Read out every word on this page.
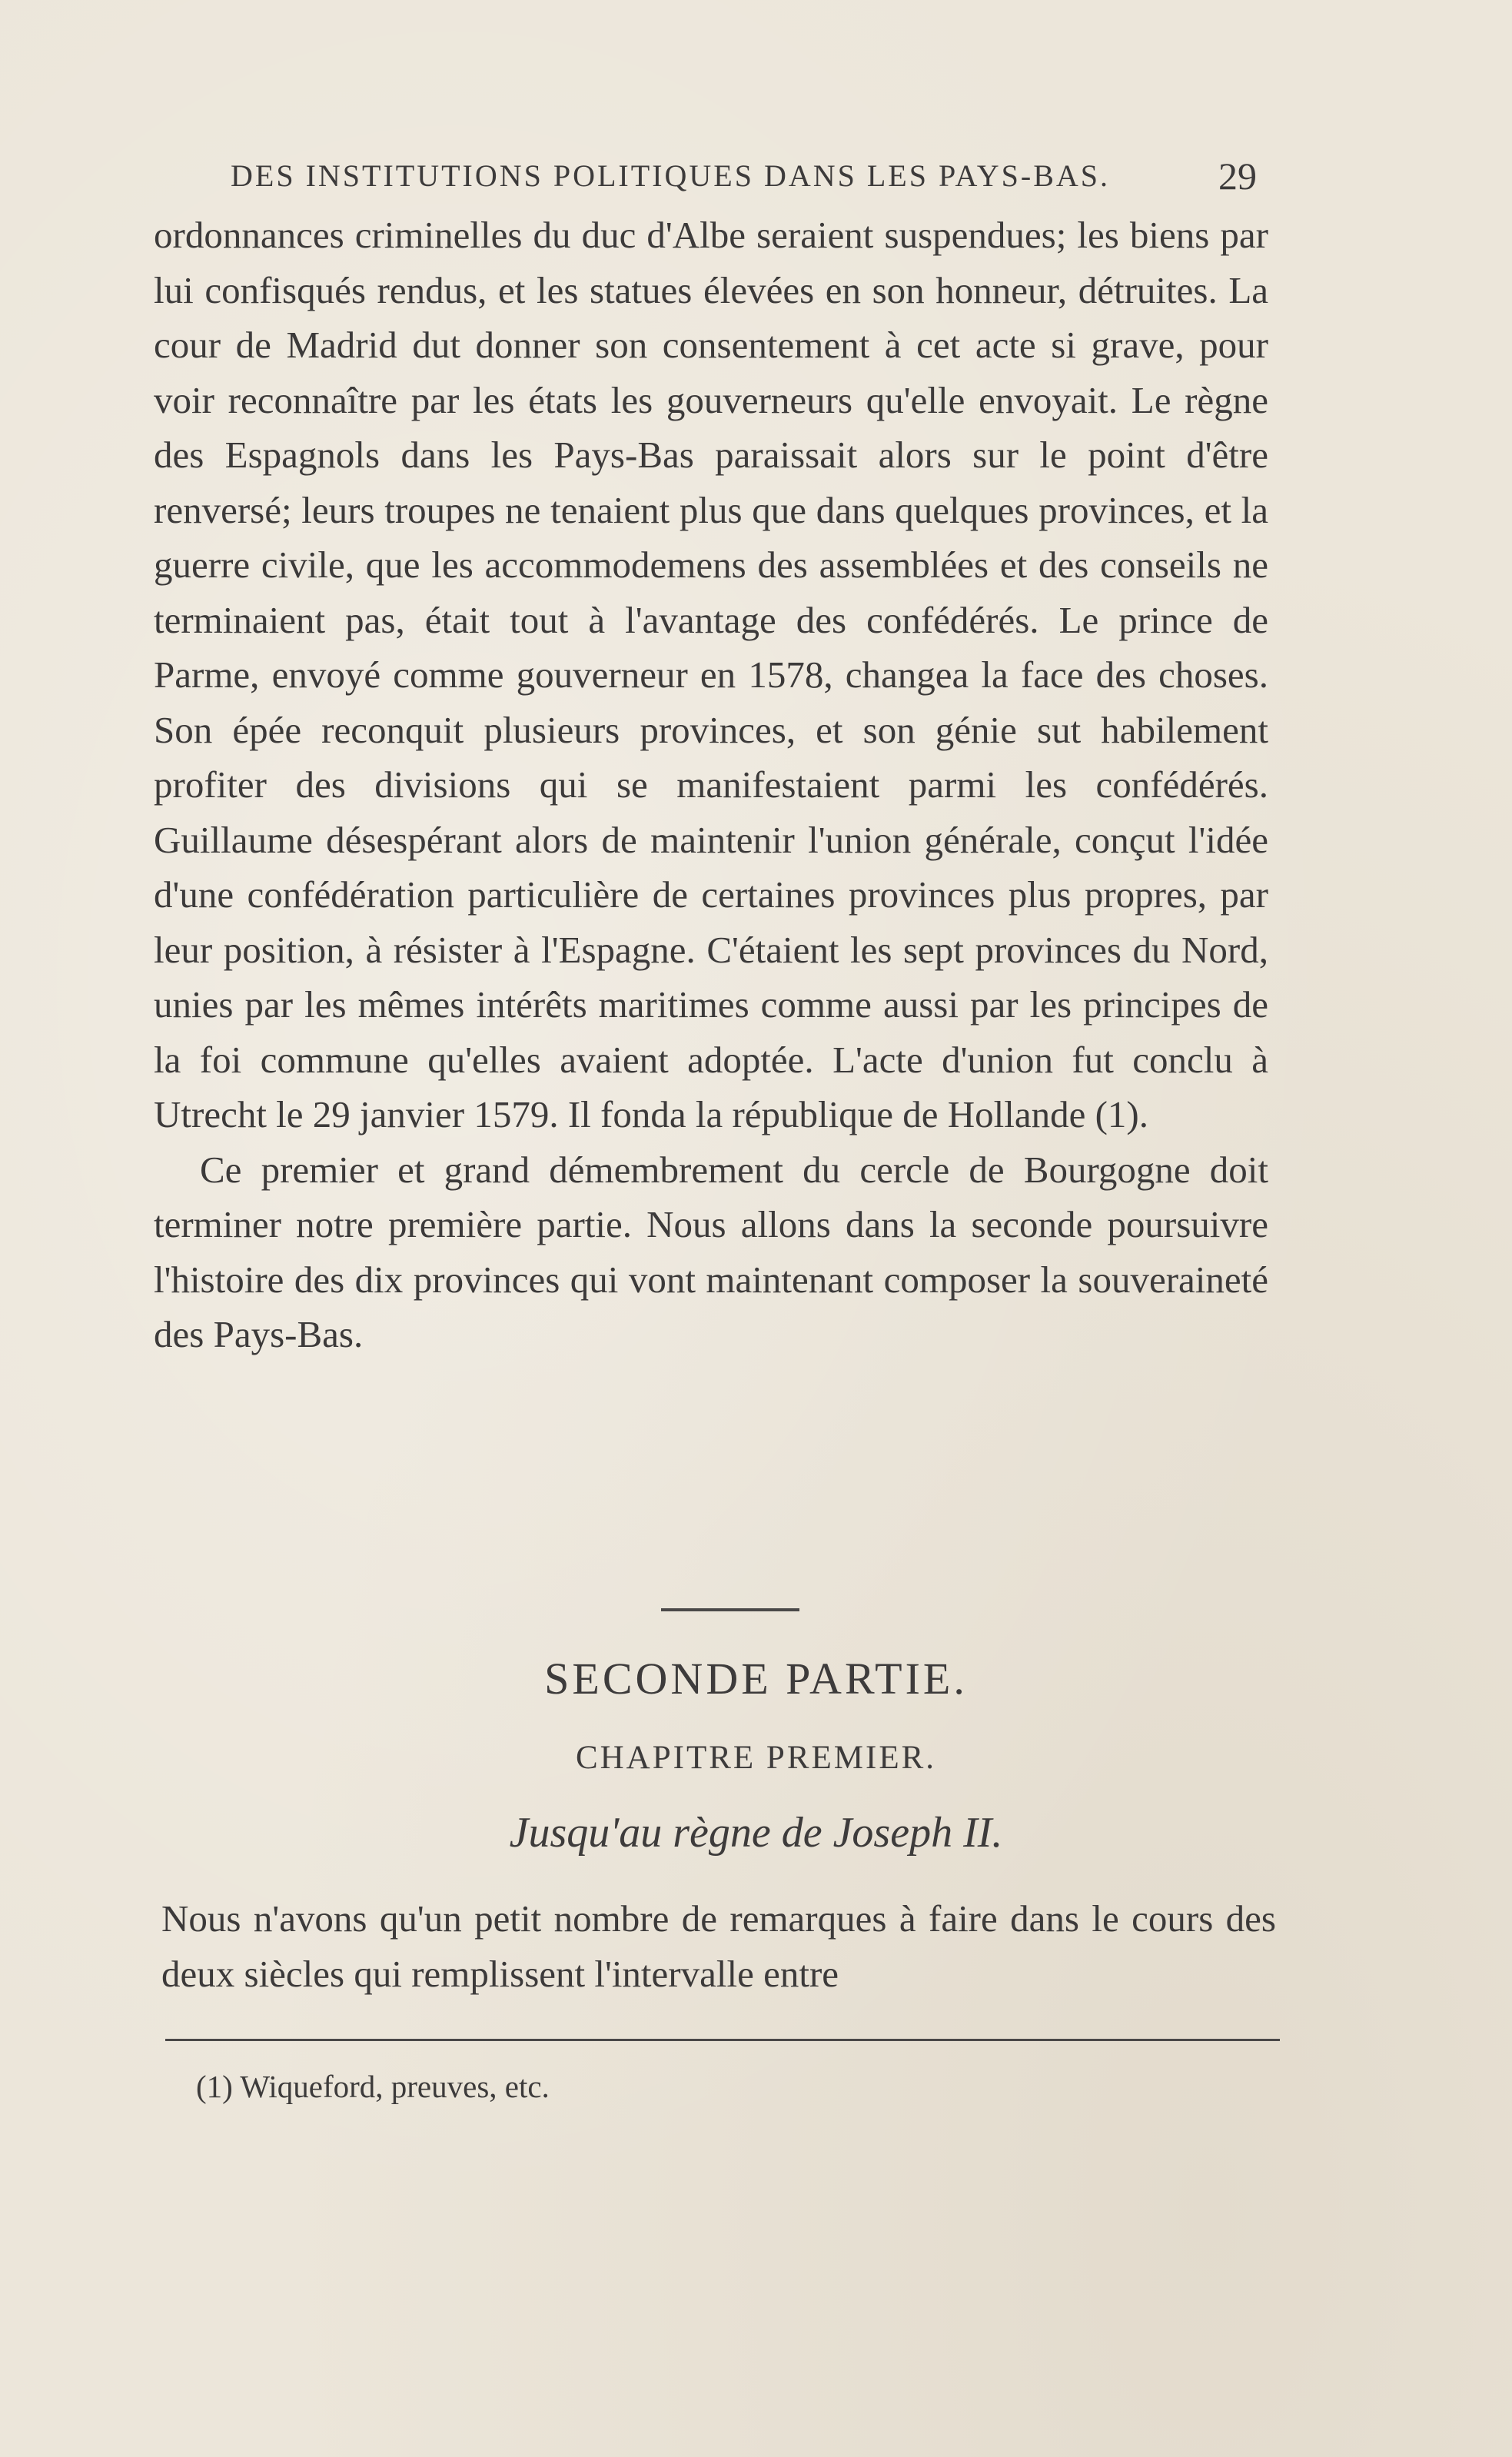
DES INSTITUTIONS POLITIQUES DANS LES PAYS-BAS.	29

ordonnances criminelles du duc d'Albe seraient suspendues; les biens par lui confisqués rendus, et les statues élevées en son honneur, détruites. La cour de Madrid dut donner son consentement à cet acte si grave, pour voir reconnaître par les états les gouverneurs qu'elle envoyait. Le règne des Espagnols dans les Pays-Bas paraissait alors sur le point d'être renversé; leurs troupes ne tenaient plus que dans quelques provinces, et la guerre civile, que les accommodemens des assemblées et des conseils ne terminaient pas, était tout à l'avantage des confédérés. Le prince de Parme, envoyé comme gouverneur en 1578, changea la face des choses. Son épée reconquit plusieurs provinces, et son génie sut habilement profiter des divisions qui se manifestaient parmi les confédérés. Guillaume désespérant alors de maintenir l'union générale, conçut l'idée d'une confédération particulière de certaines provinces plus propres, par leur position, à résister à l'Espagne. C'étaient les sept provinces du Nord, unies par les mêmes intérêts maritimes comme aussi par les principes de la foi commune qu'elles avaient adoptée. L'acte d'union fut conclu à Utrecht le 29 janvier 1579. Il fonda la république de Hollande (1).

Ce premier et grand démembrement du cercle de Bourgogne doit terminer notre première partie. Nous allons dans la seconde poursuivre l'histoire des dix provinces qui vont maintenant composer la souveraineté des Pays-Bas.

SECONDE PARTIE.
CHAPITRE PREMIER.
Jusqu'au règne de Joseph II.

Nous n'avons qu'un petit nombre de remarques à faire dans le cours des deux siècles qui remplissent l'intervalle entre

(1) Wiqueford, preuves, etc.
